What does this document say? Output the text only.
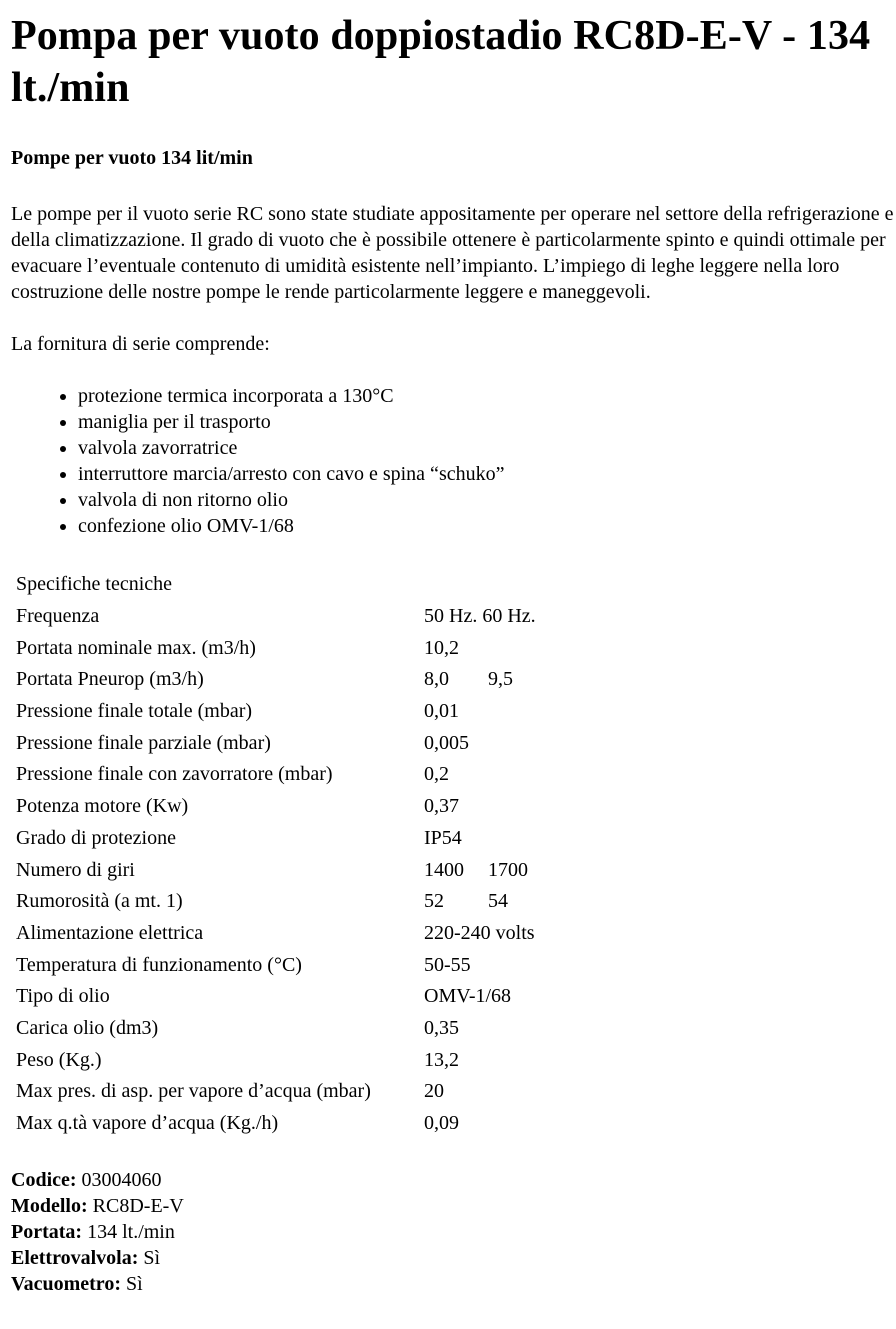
Pompa per vuoto doppiostadio RC8D-E-V - 134 lt./min
Pompe per vuoto 134 lit/min
Le pompe per il vuoto serie RC sono state studiate appositamente per operare nel settore della refrigerazione e della climatizzazione. Il grado di vuoto che è possibile ottenere è particolarmente spinto e quindi ottimale per evacuare l’eventuale contenuto di umidità esistente nell’impianto. L’impiego di leghe leggere nella loro costruzione delle nostre pompe le rende particolarmente leggere e maneggevoli.
La fornitura di serie comprende:
• protezione termica incorporata a 130°C
• maniglia per il trasporto
• valvola zavorratrice
• interruttore marcia/arresto con cavo e spina “schuko”
• valvola di non ritorno olio
• confezione olio OMV-1/68
Specifiche tecniche	
Frequenza	50 Hz. 60 Hz.
Portata nominale max. (m3/h)	10,2
Portata Pneurop (m3/h)	8,0 9,5
Pressione finale totale (mbar)	0,01
Pressione finale parziale (mbar)	0,005
Pressione finale con zavorratore (mbar)	0,2
Potenza motore (Kw)	0,37
Grado di protezione	IP54
Numero di giri	1400 1700
Rumorosità (a mt. 1)	52 54
Alimentazione elettrica	220-240 volts
Temperatura di funzionamento (°C)	50-55
Tipo di olio	OMV-1/68
Carica olio (dm3)	0,35
Peso (Kg.)	13,2
Max pres. di asp. per vapore d’acqua (mbar)	20
Max q.tà vapore d’acqua (Kg./h)	0,09
Codice: 03004060
Modello: RC8D-E-V
Portata: 134 lt./min
Elettrovalvola: Sì
Vacuometro: Sì
